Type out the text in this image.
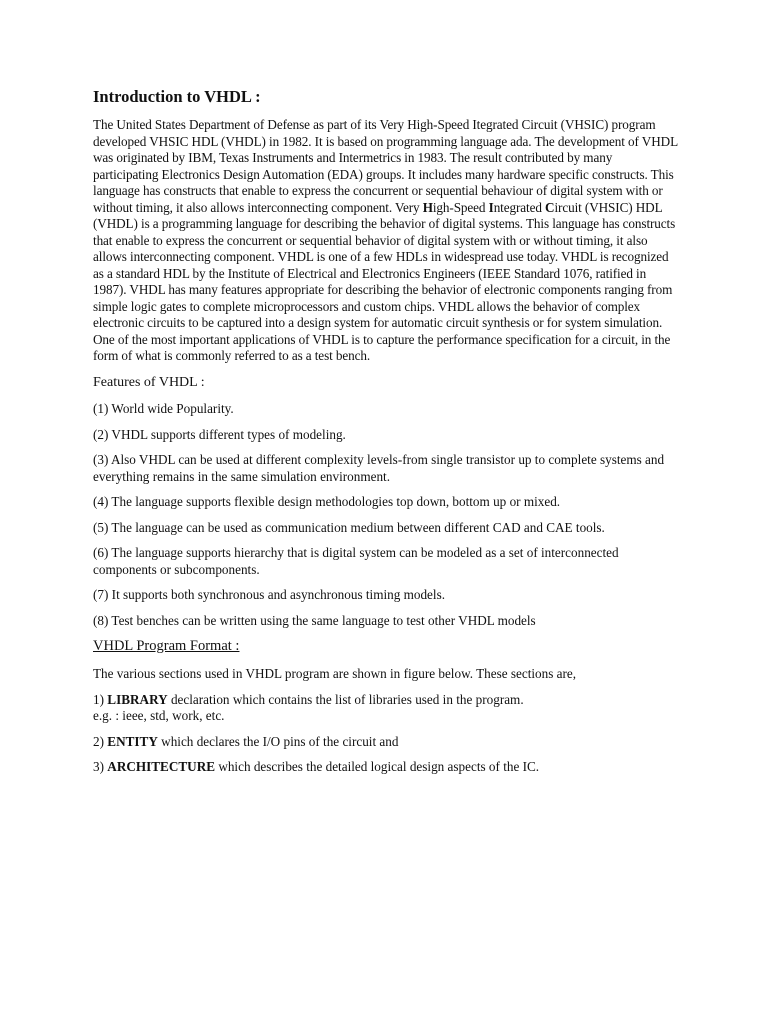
Introduction to VHDL :

The United States Department of Defense as part of its Very High-Speed Itegrated Circuit (VHSIC) program developed VHSIC HDL (VHDL) in 1982. It is based on programming language ada. The development of VHDL was originated by IBM, Texas Instruments and Intermetrics in 1983. The result contributed by many participating Electronics Design Automation (EDA) groups. It includes many hardware specific constructs. This language has constructs that enable to express the concurrent or sequential behaviour of digital system with or without timing, it also allows interconnecting component. Very High-Speed Integrated Circuit (VHSIC) HDL (VHDL) is a programming language for describing the behavior of digital systems. This language has constructs that enable to express the concurrent or sequential behavior of digital system with or without timing, it also allows interconnecting component. VHDL is one of a few HDLs in widespread use today. VHDL is recognized as a standard HDL by the Institute of Electrical and Electronics Engineers (IEEE Standard 1076, ratified in 1987). VHDL has many features appropriate for describing the behavior of electronic components ranging from simple logic gates to complete microprocessors and custom chips. VHDL allows the behavior of complex electronic circuits to be captured into a design system for automatic circuit synthesis or for system simulation. One of the most important applications of VHDL is to capture the performance specification for a circuit, in the form of what is commonly referred to as a test bench.

Features of VHDL :

(1) World wide Popularity.

(2) VHDL supports different types of modeling.

(3) Also VHDL can be used at different complexity levels-from single transistor up to complete systems and everything remains in the same simulation environment.

(4) The language supports flexible design methodologies top down, bottom up or mixed.

(5) The language can be used as communication medium between different CAD and CAE tools.

(6) The language supports hierarchy that is digital system can be modeled as a set of interconnected components or subcomponents.

(7) It supports both synchronous and asynchronous timing models.

(8) Test benches can be written using the same language to test other VHDL models

VHDL Program Format :

The various sections used in VHDL program are shown in figure below. These sections are,

1) LIBRARY declaration which contains the list of libraries used in the program.
e.g. : ieee, std, work, etc.

2) ENTITY which declares the I/O pins of the circuit and

3) ARCHITECTURE which describes the detailed logical design aspects of the IC.
